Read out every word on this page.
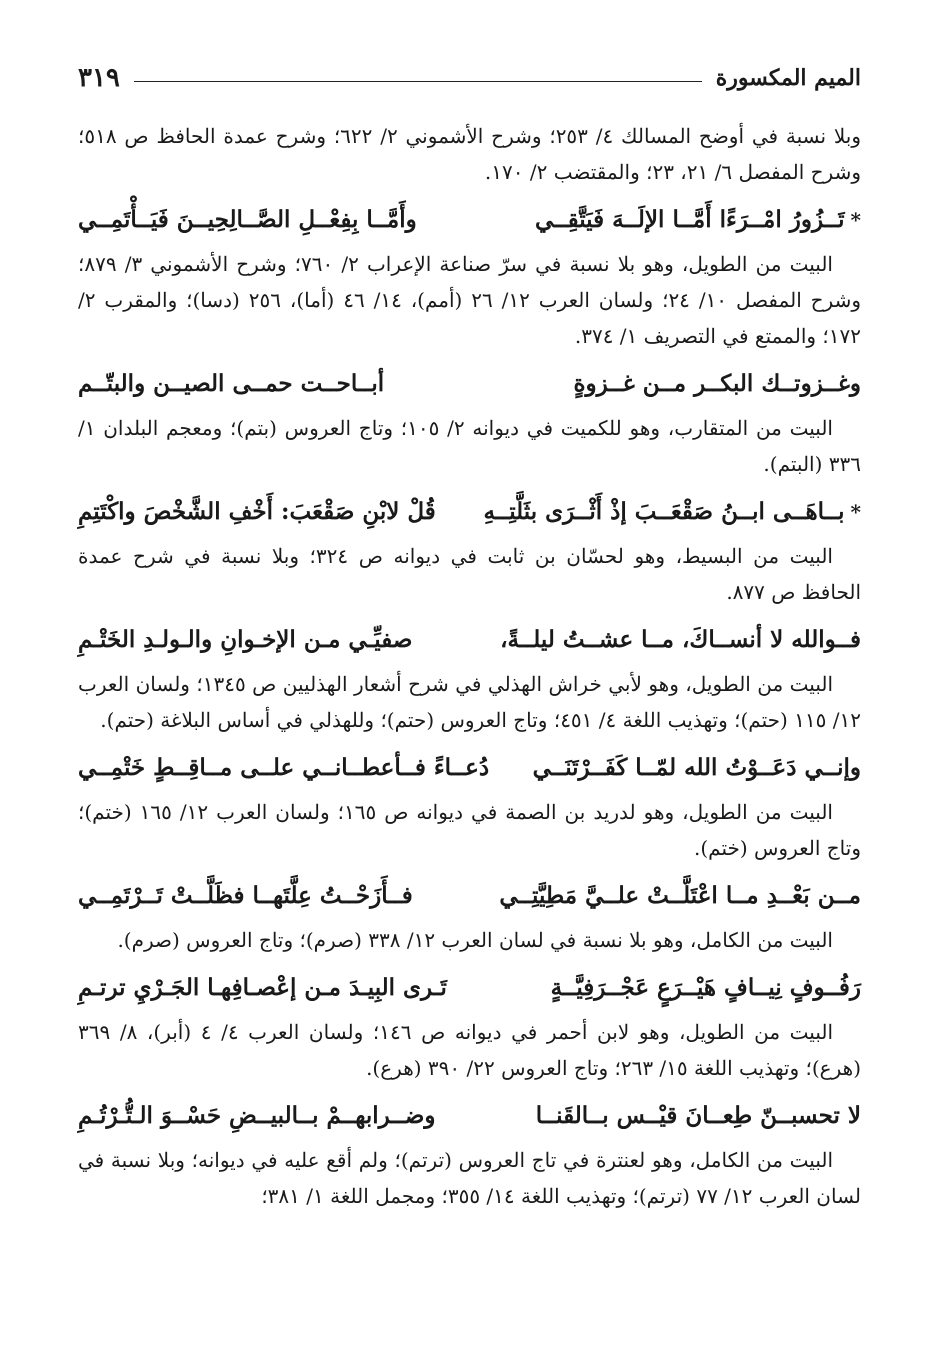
الميم المكسورة
٣١٩

وبلا نسبة في أوضح المسالك ٤/ ٢٥٣؛ وشرح الأشموني ٢/ ٦٢٢؛ وشرح عمدة الحافظ ص ٥١٨؛ وشرح المفصل ٦/ ٢١، ٢٣؛ والمقتضب ٢/ ١٧٠.

*تَــزُورُ امْــرَءًا أَمَّــا الإلَــهَ فَيَتَّقِــي
وأَمَّــا بِفِعْــلِ الصَّــالِحِيــنَ فَيَــأْتَمِــي

البيت من الطويل، وهو بلا نسبة في سرّ صناعة الإعراب ٢/ ٧٦٠؛ وشرح الأشموني ٣/ ٨٧٩؛ وشرح المفصل ١٠/ ٢٤؛ ولسان العرب ١٢/ ٢٦ (أمم)، ١٤/ ٤٦ (أما)، ٢٥٦ (دسا)؛ والمقرب ٢/ ١٧٢؛ والممتع في التصريف ١/ ٣٧٤.

وغــزوتــك البكــر مــن غــزوةٍ
أبــاحــت حمــى الصيــن والبتّــم

البيت من المتقارب، وهو للكميت في ديوانه ٢/ ١٠٥؛ وتاج العروس (بتم)؛ ومعجم البلدان ١/ ٣٣٦ (البتم).

*بــاهَــى ابــنُ صَقْعَــبَ إذْ أَثْــرَى بثَلَّتِــهِ
قُلْ لابْنِ صَقْعَبَ: أَخْفِ الشَّخْصَ واكْتَتِمِ

البيت من البسيط، وهو لحسّان بن ثابت في ديوانه ص ٣٢٤؛ وبلا نسبة في شرح عمدة الحافظ ص ٨٧٧.

فــوالله لا أنســاكَ، مــا عشــتُ ليلــةً،
صفيِّـي مـن الإخـوانِ والـولـدِ الخَتْـمِ

البيت من الطويل، وهو لأبي خراش الهذلي في شرح أشعار الهذليين ص ١٣٤٥؛ ولسان العرب ١٢/ ١١٥ (حتم)؛ وتهذيب اللغة ٤/ ٤٥١؛ وتاج العروس (حتم)؛ وللهذلي في أساس البلاغة (حتم).

وإنــي دَعَــوْتُ الله لمّــا كَفَــرْتَنَــي
دُعــاءً فــأعطــانــي علــى مــاقِــطٍ خَتْمِــي

البيت من الطويل، وهو لدريد بن الصمة في ديوانه ص ١٦٥؛ ولسان العرب ١٢/ ١٦٥ (ختم)؛ وتاج العروس (ختم).

مــن بَعْــدِ مــا اعْتَلَّــتْ علــيَّ مَطِيَّتِــي
فــأَزَحْــتُ عِلَّتَهــا فظَلَّــتْ تَــرْتَمِــي

البيت من الكامل، وهو بلا نسبة في لسان العرب ١٢/ ٣٣٨ (صرم)؛ وتاج العروس (صرم).

رَفُــوفٍ نِيــافٍ هَيْــرَعٍ عَجْــرَفِيَّــةٍ
تَـرى البِيـدَ مـن إعْصـافِهـا الجَـرْيِ ترتـمِ

البيت من الطويل، وهو لابن أحمر في ديوانه ص ١٤٦؛ ولسان العرب ٤/ ٤ (أبر)، ٨/ ٣٦٩ (هرع)؛ وتهذيب اللغة ١٥/ ٢٦٣؛ وتاج العروس ٢٢/ ٣٩٠ (هرع).

لا تحسبــنّ طِعــانَ قيْــس بــالقَنــا
وضــرابهــمْ بــالبيــضِ حَسْــوَ الـتُّـرْتُـمِ

البيت من الكامل، وهو لعنترة في تاج العروس (ترتم)؛ ولم أقع عليه في ديوانه؛ وبلا نسبة في لسان العرب ١٢/ ٧٧ (ترتم)؛ وتهذيب اللغة ١٤/ ٣٥٥؛ ومجمل اللغة ١/ ٣٨١؛
